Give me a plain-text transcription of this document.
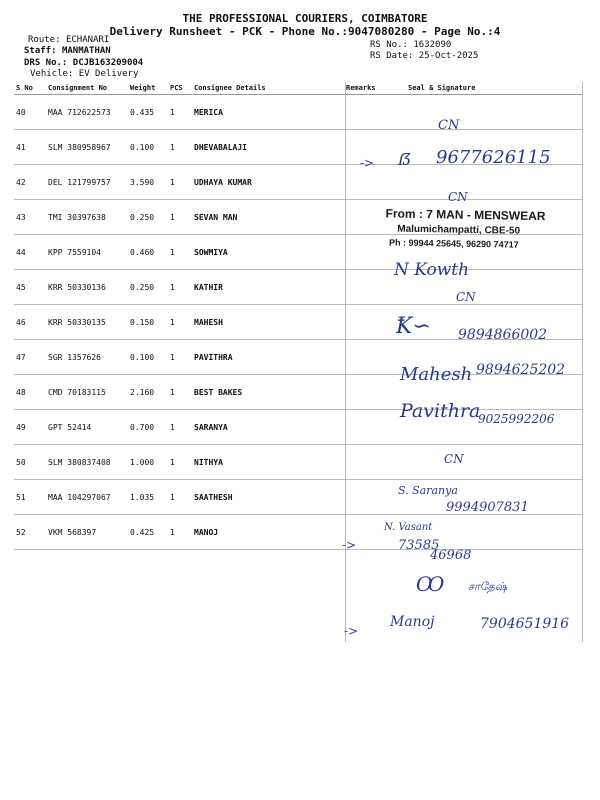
THE PROFESSIONAL COURIERS, COIMBATORE
Delivery Runsheet - PCK - Phone No.:9047080280 - Page No.:4
Route: ECHANARI
Staff: MANMATHAN
DRS No.: DCJB163209004
Vehicle: EV Delivery
RS No.: 1632090
RS Date: 25-Oct-2025
S No	Consignment No	Weight	PCS	Consignee Details	Remarks	Seal & Signature
40	MAA 712622573	0.435	1	MERICA		
41	SLM 380958967	0.100	1	DHEVABALAJI		
42	DEL 121799757	3.590	1	UDHAYA KUMAR		
43	TMI 30397638	0.250	1	SEVAN MAN		
44	KPP 7559104	0.460	1	SOWMIYA		
45	KRR 50330136	0.250	1	KATHIR		
46	KRR 50330135	0.150	1	MAHESH		
47	SGR 1357626	0.100	1	PAVITHRA		
48	CMD 70183115	2.160	1	BEST BAKES		
49	GPT 52414	0.700	1	SARANYA		
50	SLM 380837408	1.000	1	NITHYA		
51	MAA 104297067	1.035	1	SAATHESH		
52	VKM 568397	0.425	1	MANOJ		
From : 7 MAN - MENSWEAR
Malumichampatti, CBE-50
Ph : 99944 25645, 96290 74717
CN
-> ẞ 9677626115
CN
N Kowth
CN
Ꝁ∽ 9894866002
Mahesh 9894625202
Pavithra
9025992206
CN
S. Saranya
9994907831
->
N. Vasant
73585
46968
Ꝏ சாதேஷ்
->
Manoj	7904651916
